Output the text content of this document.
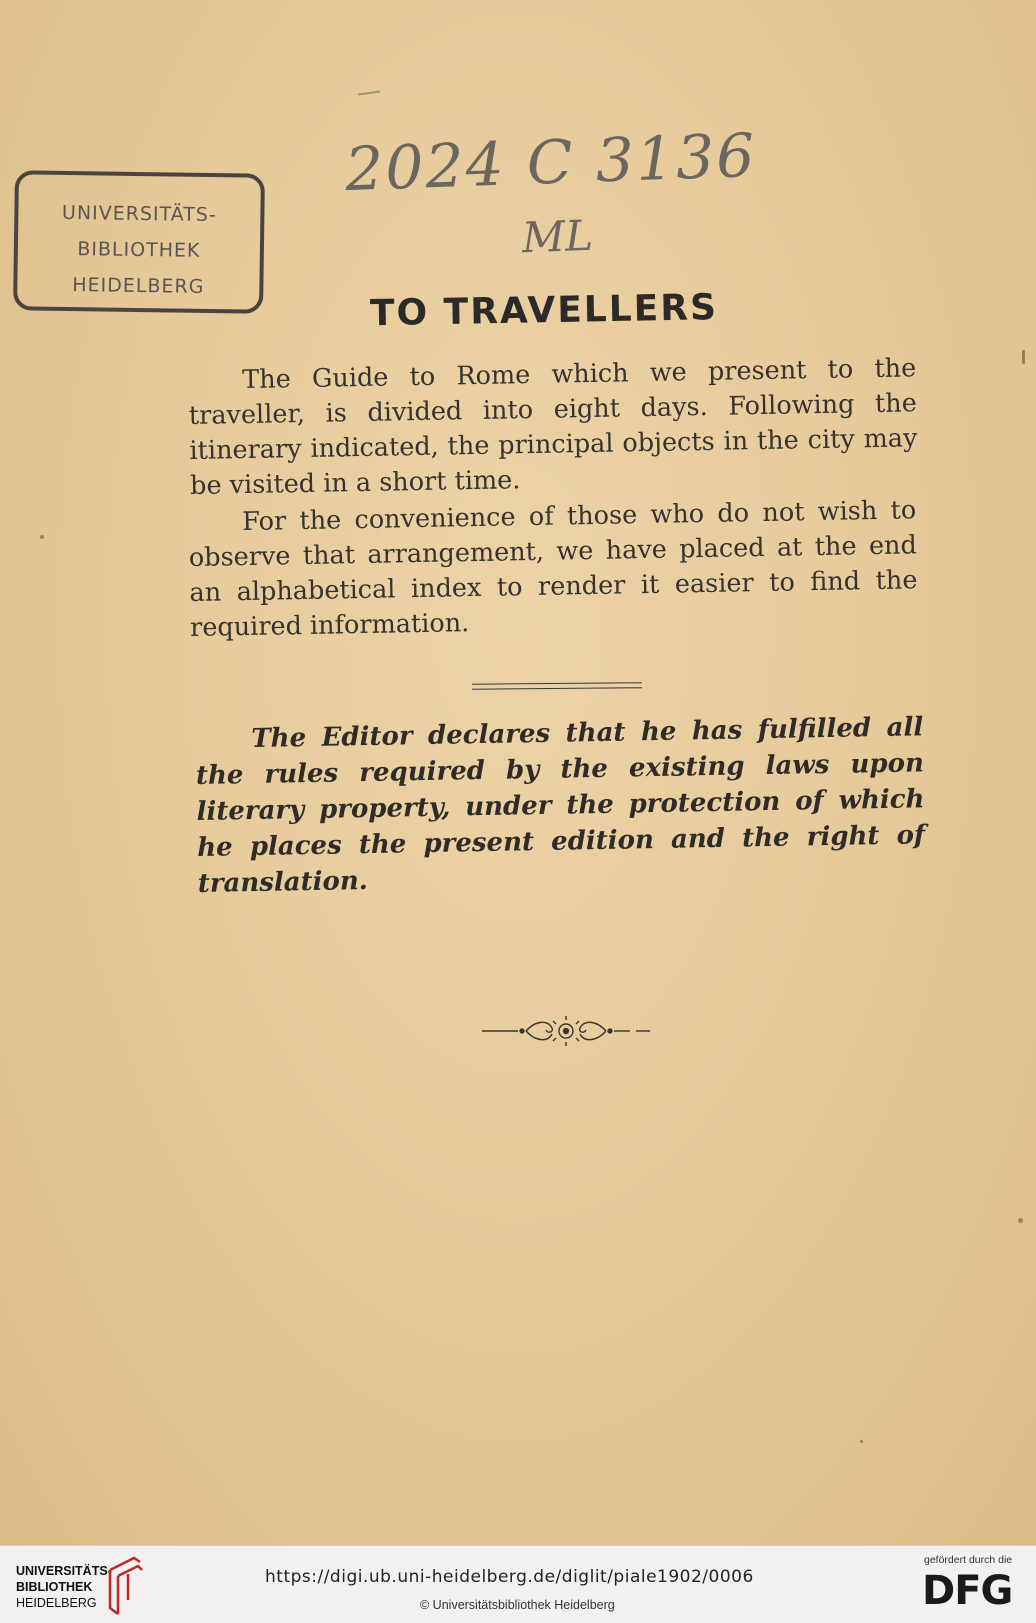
UNIVERSITÄTS-
BIBLIOTHEK
HEIDELBERG
2024 C 3136
ML
TO TRAVELLERS

The Guide to Rome which we present to the traveller, is divided into eight days. Following the itinerary indicated, the principal objects in the city may be visited in a short time.

For the convenience of those who do not wish to observe that arrangement, we have placed at the end an alphabetical index to render it easier to find the required information.

The Editor declares that he has fulfilled all the rules required by the existing laws upon literary property, under the protection of which he places the present edition and the right of translation.

UNIVERSITÄTS-
BIBLIOTHEK
HEIDELBERG
https://digi.ub.uni-heidelberg.de/diglit/piale1902/0006
© Universitätsbibliothek Heidelberg
gefördert durch die
DFG
